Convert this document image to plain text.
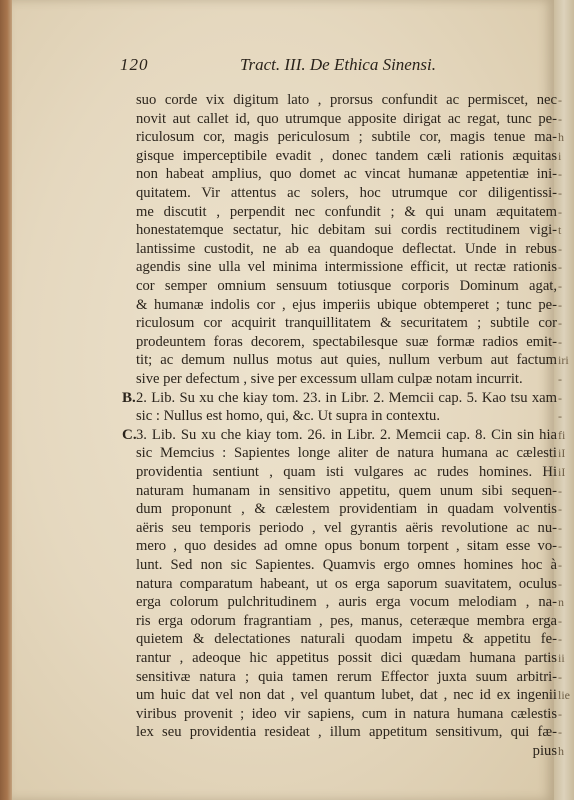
120	Tract. III. De Ethica Sinensi.
suo corde vix digitum lato , prorsus confundit ac permiscet, nec
novit aut callet id, quo utrumque apposite dirigat ac regat, tunc pe-
riculosum cor, magis periculosum ; subtile cor, magis tenue ma-
gisque imperceptibile evadit , donec tandem cæli rationis æquitas
non habeat amplius, quo domet ac vincat humanæ appetentiæ ini-
quitatem. Vir attentus ac solers, hoc utrumque cor diligentissi-
me discutit , perpendit nec confundit ; & qui unam æquitatem
honestatemque sectatur, hic debitam sui cordis rectitudinem vigi-
lantissime custodit, ne ab ea quandoque deflectat. Unde in rebus
agendis sine ulla vel minima intermissione efficit, ut rectæ rationis
cor semper omnium sensuum totiusque corporis Dominum agat,
& humanæ indolis cor , ejus imperiis ubique obtemperet ; tunc pe-
riculosum cor acquirit tranquillitatem & securitatem ; subtile cor
prodeuntem foras decorem, spectabilesque suæ formæ radios emit-
tit; ac demum nullus motus aut quies, nullum verbum aut factum
sive per defectum , sive per excessum ullam culpæ notam incurrit.
2. Lib. Su xu che kiay tom. 23. in Libr. 2. Memcii cap. 5. Kao tsu xam
sic : Nullus est homo, qui, &c. Ut supra in contextu.
3. Lib. Su xu che kiay tom. 26. in Libr. 2. Memcii cap. 8. Cin sin hia
sic Memcius : Sapientes longe aliter de natura humana ac cælesti
providentia sentiunt , quam isti vulgares ac rudes homines. Hi
naturam humanam in sensitivo appetitu, quem unum sibi sequen-
dum proponunt , & cælestem providentiam in quadam volventis
aëris seu temporis periodo , vel gyrantis aëris revolutione ac nu-
mero , quo desides ad omne opus bonum torpent , sitam esse vo-
lunt. Sed non sic Sapientes. Quamvis ergo omnes homines hoc à
natura comparatum habeant, ut os erga saporum suavitatem, oculus
erga colorum pulchritudinem , auris erga vocum melodiam , na-
ris erga odorum fragrantiam , pes, manus, ceteræque membra erga
quietem & delectationes naturali quodam impetu & appetitu fe-
rantur , adeoque hic appetitus possit dici quædam humana partis
sensitivæ natura ; quia tamen rerum Effector juxta suum arbitri-
um huic dat vel non dat , vel quantum lubet, dat , nec id ex ingenii
viribus provenit ; ideo vir sapiens, cum in natura humana cælestis
lex seu providentia resideat , illum appetitum sensitivum, qui fæ-
B.
C.
pius
-
-
h
i
-
-
-
t
-
-
-
-
-
-
iri
-
-
-
fi
iI
iI
-
-
-
-
-
-
n
-
-
ii
-
lie
-
-
h
